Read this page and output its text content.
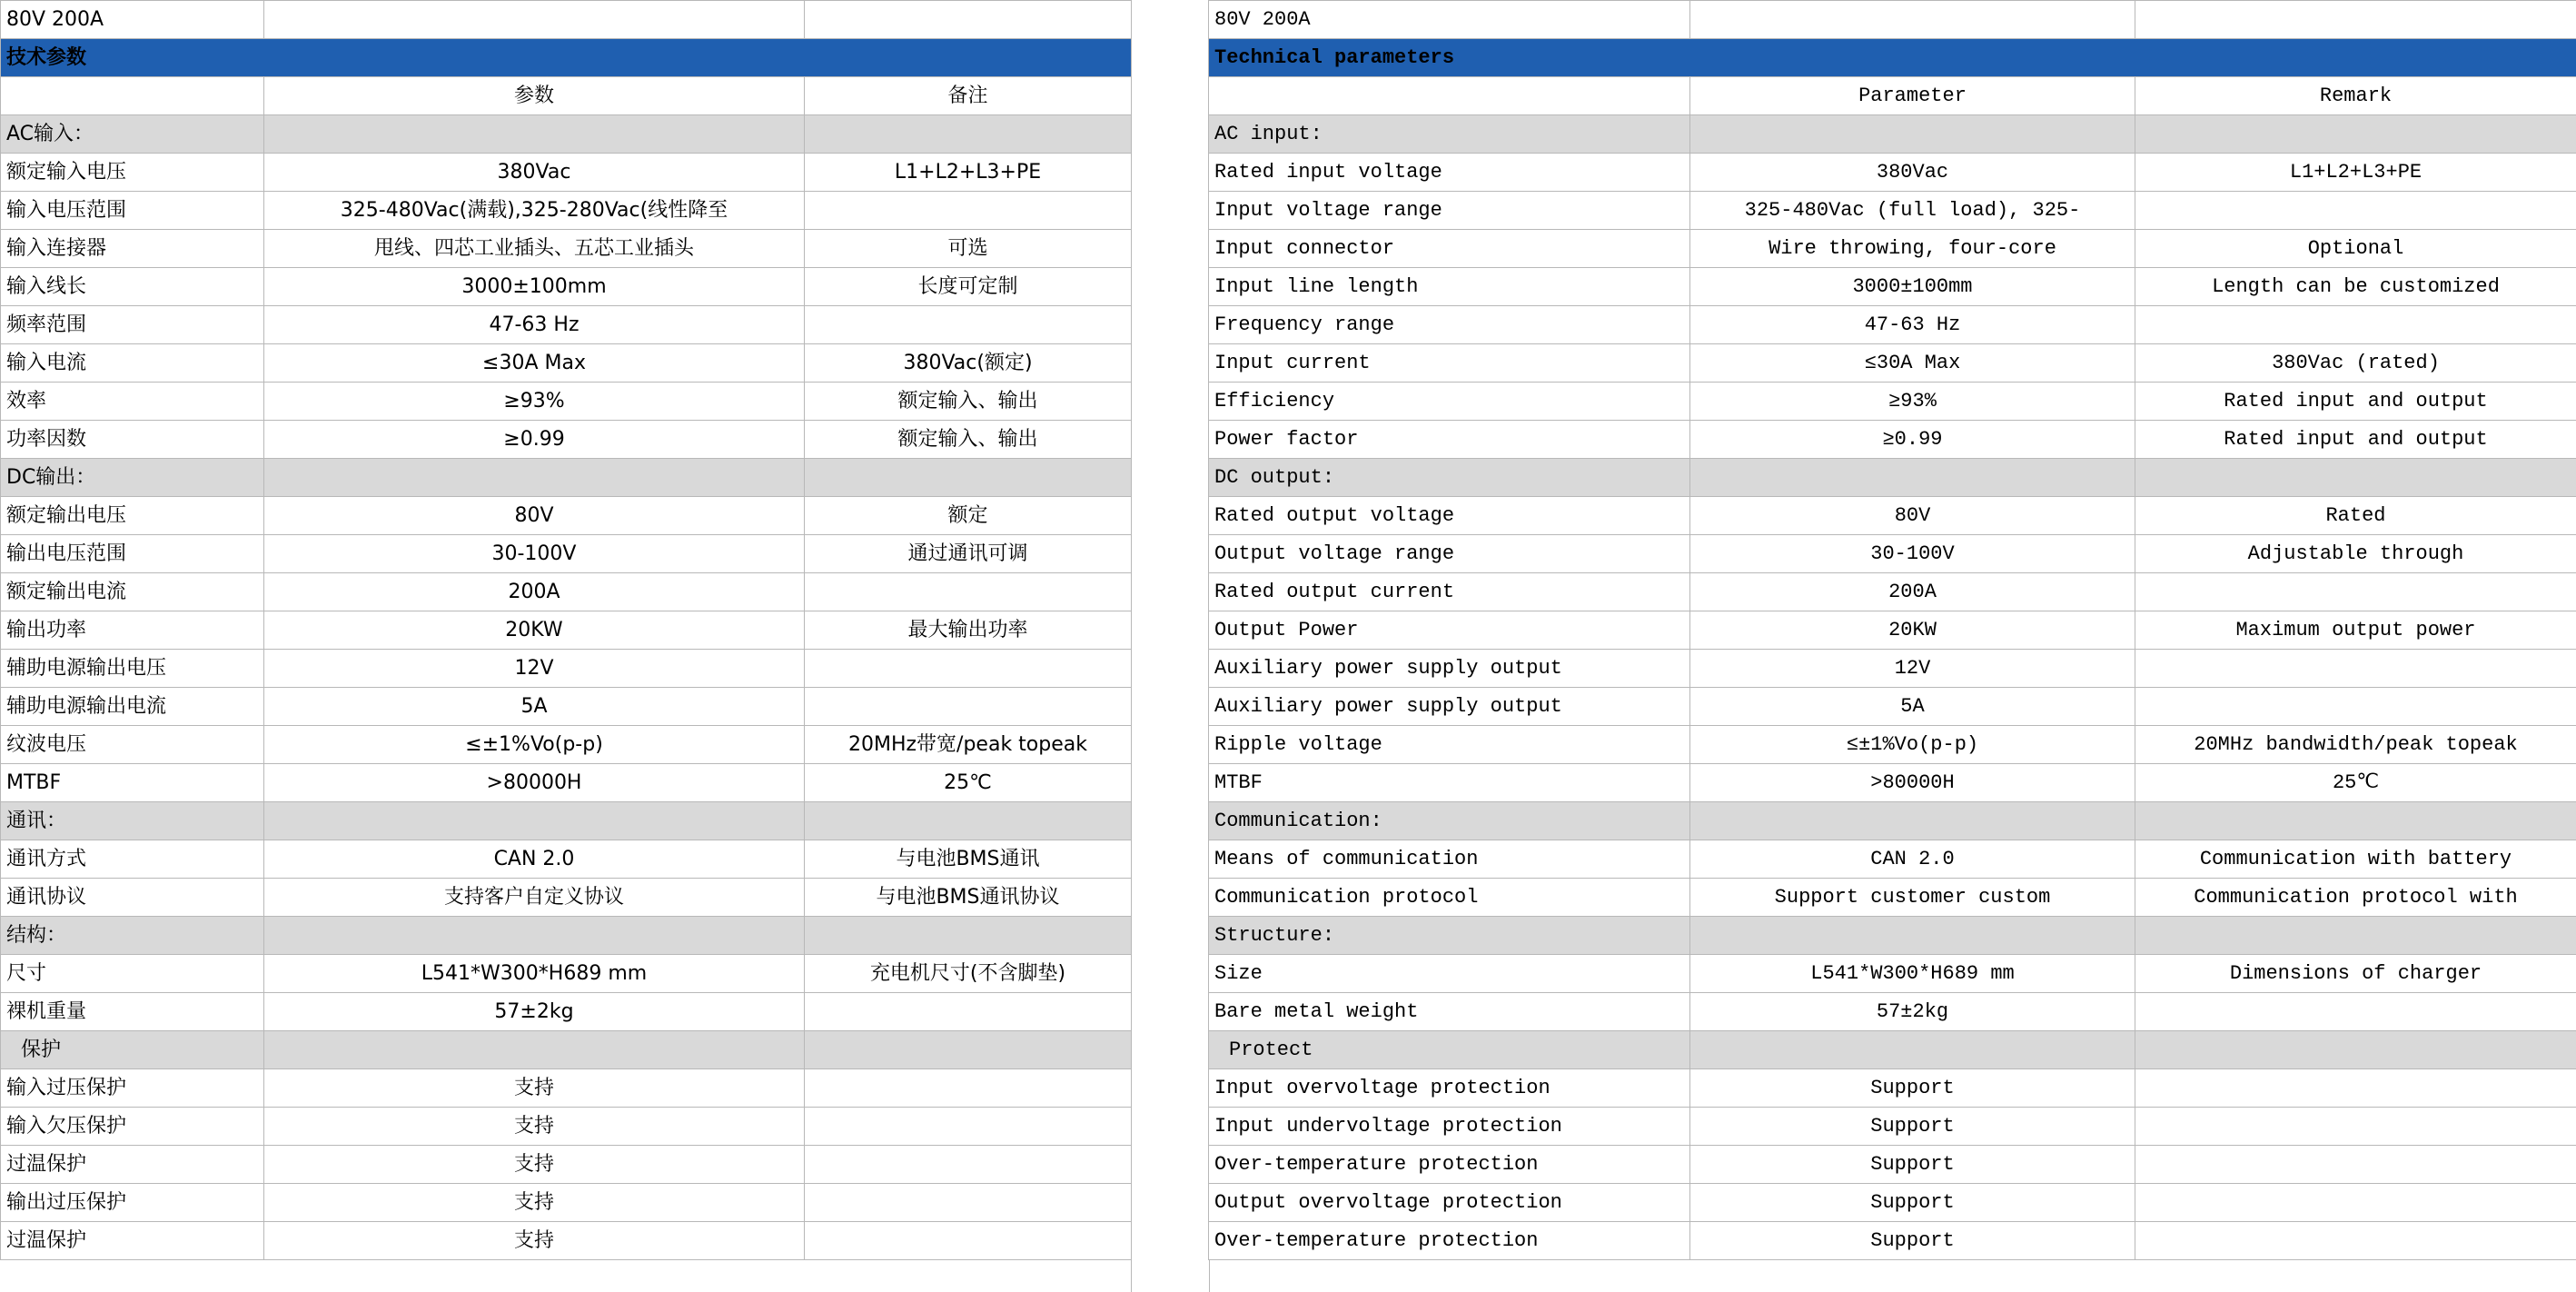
80V 200A		
技术参数		
	参数	备注
AC输入：		
额定输入电压	380Vac	L1+L2+L3+PE
输入电压范围	325-480Vac(满载),325-280Vac(线性降至	
输入连接器	甩线、四芯工业插头、五芯工业插头	可选
输入线长	3000±100mm	长度可定制
频率范围	47-63 Hz	
输入电流	≤30A Max	380Vac(额定)
效率	≥93%	额定输入、输出
功率因数	≥0.99	额定输入、输出
DC输出：		
额定输出电压	80V	额定
输出电压范围	30-100V	通过通讯可调
额定输出电流	200A	
输出功率	20KW	最大输出功率
辅助电源输出电压	12V	
辅助电源输出电流	5A	
纹波电压	≤±1%Vo(p-p)	20MHz带宽/peak topeak
MTBF	>80000H	25℃
通讯：		
通讯方式	CAN 2.0	与电池BMS通讯
通讯协议	支持客户自定义协议	与电池BMS通讯协议
结构：		
尺寸	L541*W300*H689 mm	充电机尺寸(不含脚垫)
裸机重量	57±2kg	
保护		
输入过压保护	支持	
输入欠压保护	支持	
过温保护	支持	
输出过压保护	支持	
过温保护	支持	
80V 200A		
Technical parameters		
	Parameter	Remark
AC input:		
Rated input voltage	380Vac	L1+L2+L3+PE
Input voltage range	325-480Vac (full load), 325-	
Input connector	Wire throwing, four-core	Optional
Input line length	3000±100mm	Length can be customized
Frequency range	47-63 Hz	
Input current	≤30A Max	380Vac (rated)
Efficiency	≥93%	Rated input and output
Power factor	≥0.99	Rated input and output
DC output:		
Rated output voltage	80V	Rated
Output voltage range	30-100V	Adjustable through
Rated output current	200A	
Output Power	20KW	Maximum output power
Auxiliary power supply output	12V	
Auxiliary power supply output	5A	
Ripple voltage	≤±1%Vo(p-p)	20MHz bandwidth/peak topeak
MTBF	>80000H	25℃
Communication:		
Means of communication	CAN 2.0	Communication with battery
Communication protocol	Support customer custom	Communication protocol with
Structure:		
Size	L541*W300*H689 mm	Dimensions of charger
Bare metal weight	57±2kg	
Protect		
Input overvoltage protection	Support	
Input undervoltage protection	Support	
Over-temperature protection	Support	
Output overvoltage protection	Support	
Over-temperature protection	Support	
